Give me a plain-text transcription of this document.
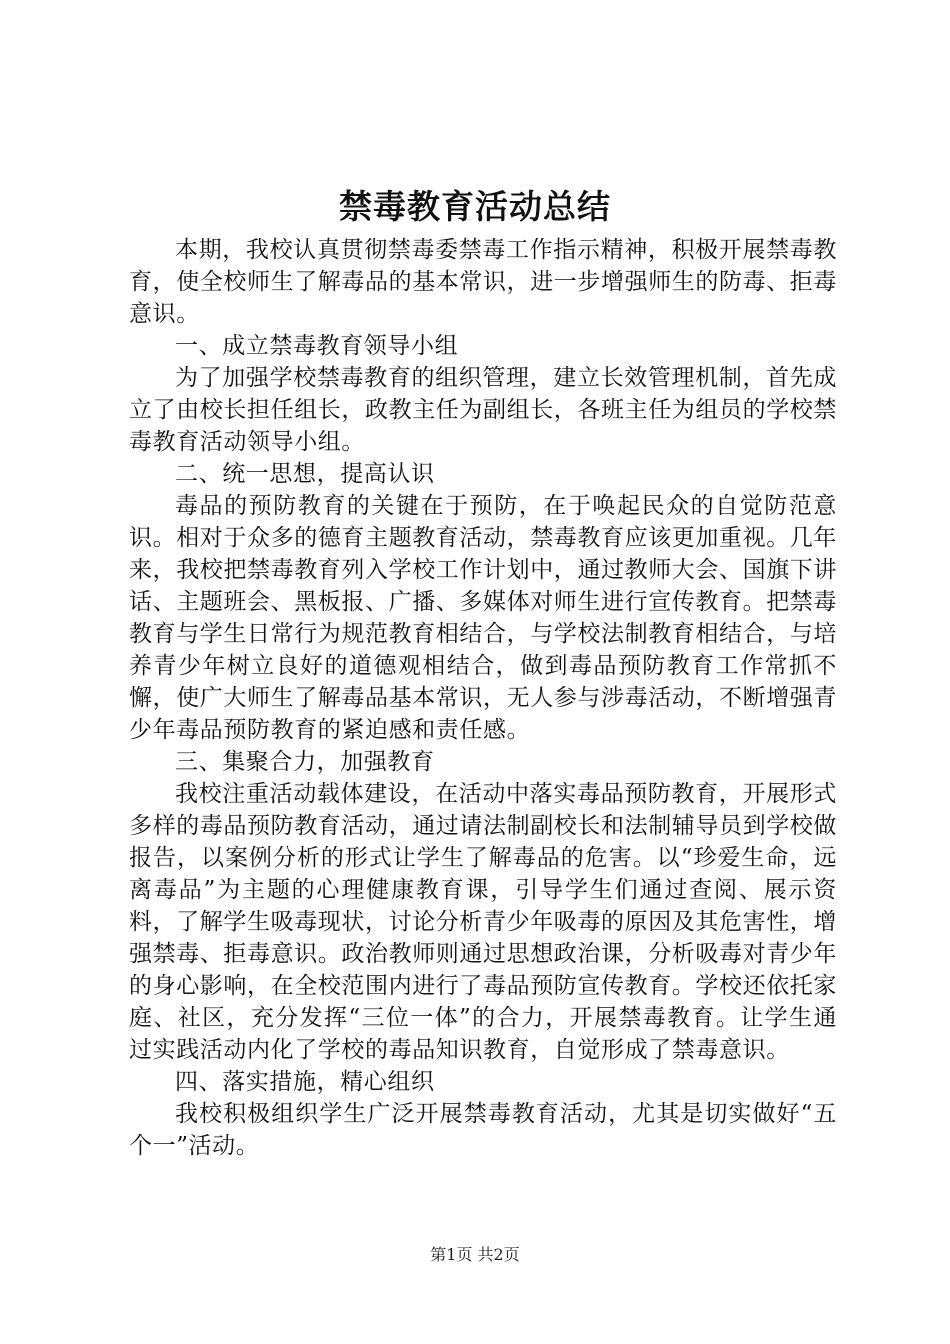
禁毒教育活动总结

本期，我校认真贯彻禁毒委禁毒工作指示精神，积极开展禁毒教育，使全校师生了解毒品的基本常识，进一步增强师生的防毒、拒毒意识。

一、成立禁毒教育领导小组

为了加强学校禁毒教育的组织管理，建立长效管理机制，首先成立了由校长担任组长，政教主任为副组长，各班主任为组员的学校禁毒教育活动领导小组。

二、统一思想，提高认识

毒品的预防教育的关键在于预防，在于唤起民众的自觉防范意识。相对于众多的德育主题教育活动，禁毒教育应该更加重视。几年来，我校把禁毒教育列入学校工作计划中，通过教师大会、国旗下讲话、主题班会、黑板报、广播、多媒体对师生进行宣传教育。把禁毒教育与学生日常行为规范教育相结合，与学校法制教育相结合，与培养青少年树立良好的道德观相结合，做到毒品预防教育工作常抓不懈，使广大师生了解毒品基本常识，无人参与涉毒活动，不断增强青少年毒品预防教育的紧迫感和责任感。

三、集聚合力，加强教育

我校注重活动载体建设，在活动中落实毒品预防教育，开展形式多样的毒品预防教育活动，通过请法制副校长和法制辅导员到学校做报告，以案例分析的形式让学生了解毒品的危害。以“珍爱生命，远离毒品”为主题的心理健康教育课，引导学生们通过查阅、展示资料，了解学生吸毒现状，讨论分析青少年吸毒的原因及其危害性，增强禁毒、拒毒意识。政治教师则通过思想政治课，分析吸毒对青少年的身心影响，在全校范围内进行了毒品预防宣传教育。学校还依托家庭、社区，充分发挥“三位一体”的合力，开展禁毒教育。让学生通过实践活动内化了学校的毒品知识教育，自觉形成了禁毒意识。

四、落实措施，精心组织

我校积极组织学生广泛开展禁毒教育活动，尤其是切实做好“五个一”活动。

第1页 共2页
